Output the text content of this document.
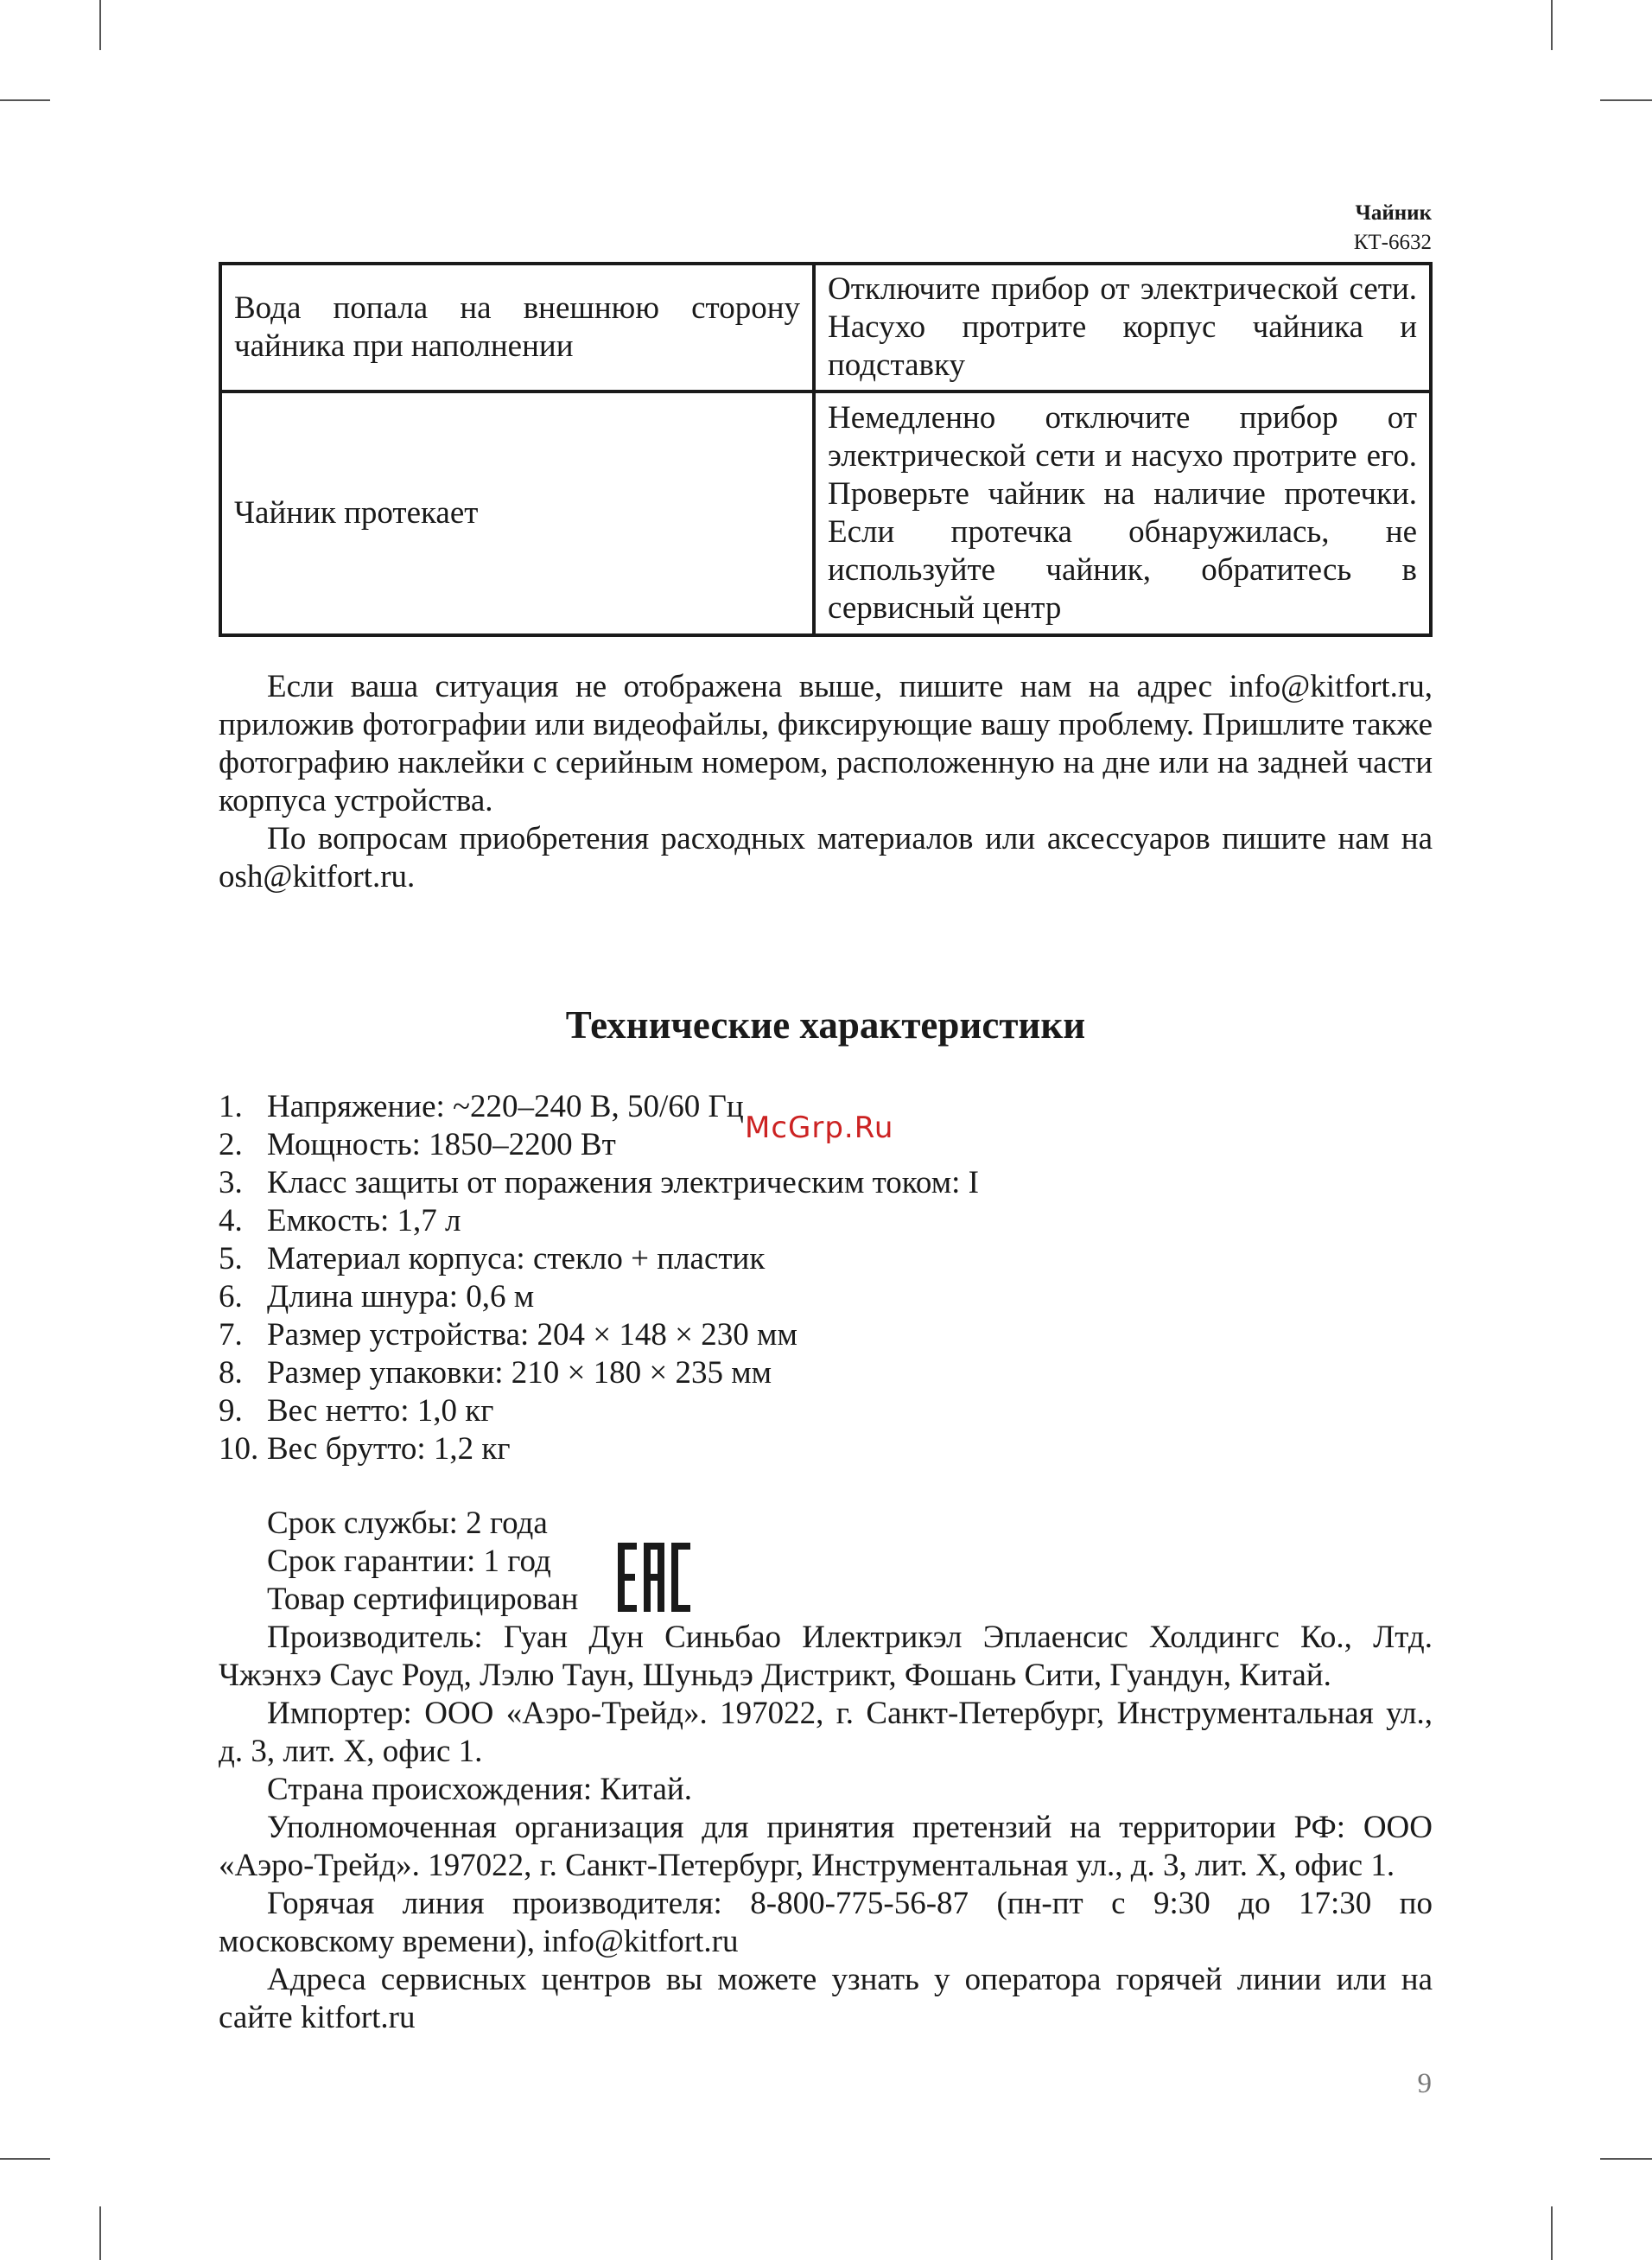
Чайник
КТ-6632
Вода попала на внешнюю сторону чайника при наполнении	Отключите прибор от электрической сети. Насухо протрите корпус чайника и подставку
Чайник протекает	Немедленно отключите прибор от электрической сети и насухо протрите его. Проверьте чайник на наличие протечки. Если протечка обнаружилась, не используйте чайник, обратитесь в сервисный центр

Если ваша ситуация не отображена выше, пишите нам на адрес info@kitfort.ru, приложив фотографии или видеофайлы, фиксирующие вашу проблему. Пришлите также фотографию наклейки с серийным номером, расположенную на дне или на задней части корпуса устройства.

По вопросам приобретения расходных материалов или аксессуаров пишите нам на osh@kitfort.ru.

Технические характеристики
1. Напряжение: ~220–240 В, 50/60 Гц
2. Мощность: 1850–2200 Вт
3. Класс защиты от поражения электрическим током: I
4. Емкость: 1,7 л
5. Материал корпуса: стекло + пластик
6. Длина шнура: 0,6 м
7. Размер устройства: 204 × 148 × 230 мм
8. Размер упаковки: 210 × 180 × 235 мм
9. Вес нетто: 1,0 кг
10. Вес брутто: 1,2 кг
McGrp.Ru

Срок службы: 2 года

Срок гарантии: 1 год

Товар сертифицирован

Производитель: Гуан Дун Синьбао Илектрикэл Эплаенсис Холдингс Ко., Лтд. Чжэнхэ Саус Роуд, Лэлю Таун, Шуньдэ Дистрикт, Фошань Сити, Гуандун, Китай.

Импортер: ООО «Аэро-Трейд». 197022, г. Санкт-Петербург, Инструментальная ул., д. 3, лит. Х, офис 1.

Страна происхождения: Китай.

Уполномоченная организация для принятия претензий на территории РФ: ООО «Аэро-Трейд». 197022, г. Санкт-Петербург, Инструментальная ул., д. 3, лит. Х, офис 1.

Горячая линия производителя: 8-800-775-56-87 (пн-пт с 9:30 до 17:30 по московскому времени), info@kitfort.ru

Адреса сервисных центров вы можете узнать у оператора горячей линии или на сайте kitfort.ru

9
